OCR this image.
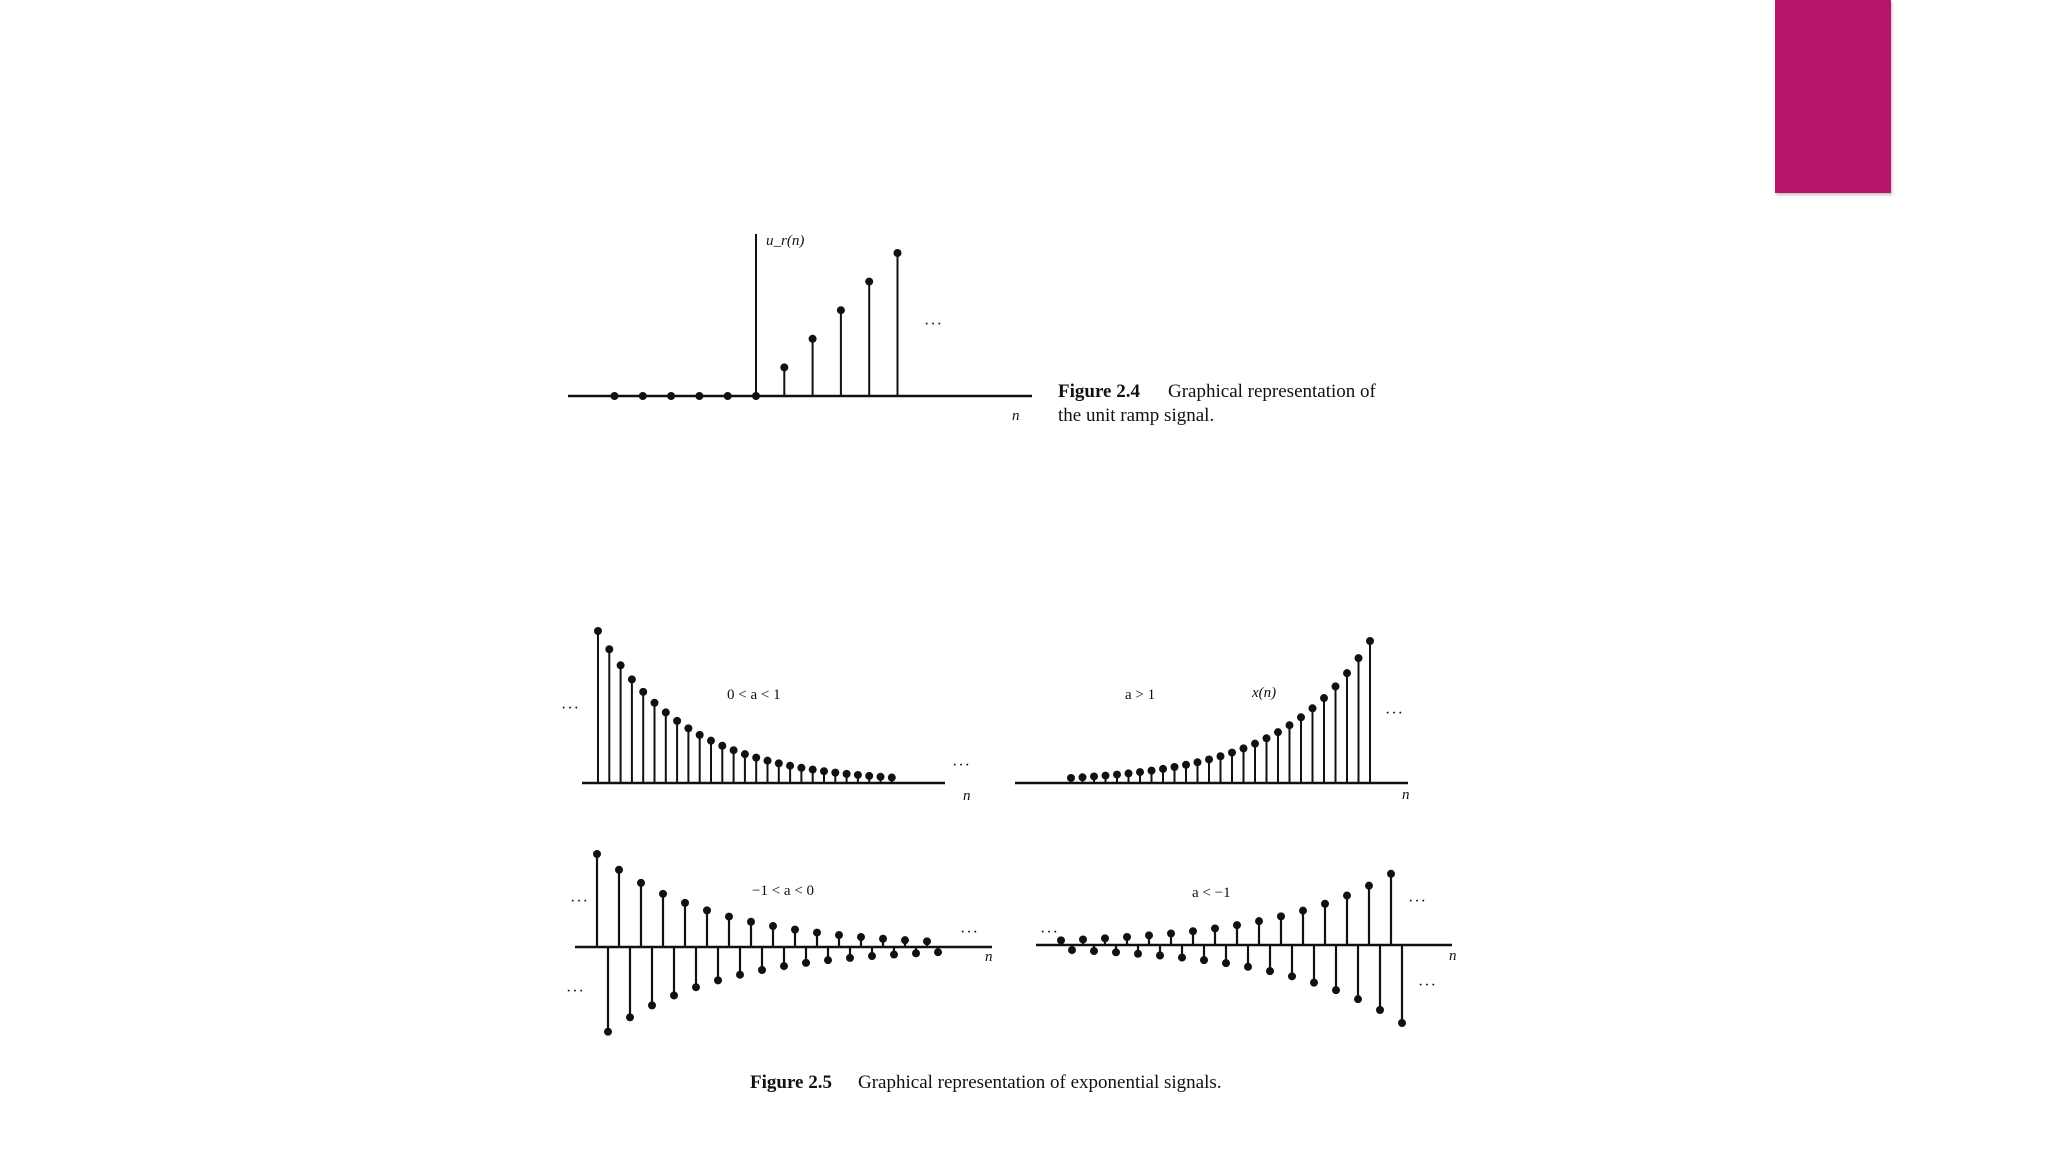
u_r(n)
n
···
Figure 2.4 Graphical representation of
the unit ramp signal.
0 < a < 1
n
···
···
a > 1	x(n)
n
···
−1 < a < 0
n
···
···
···
a < −1
n
···
···
···
Figure 2.5 Graphical representation of exponential signals.
